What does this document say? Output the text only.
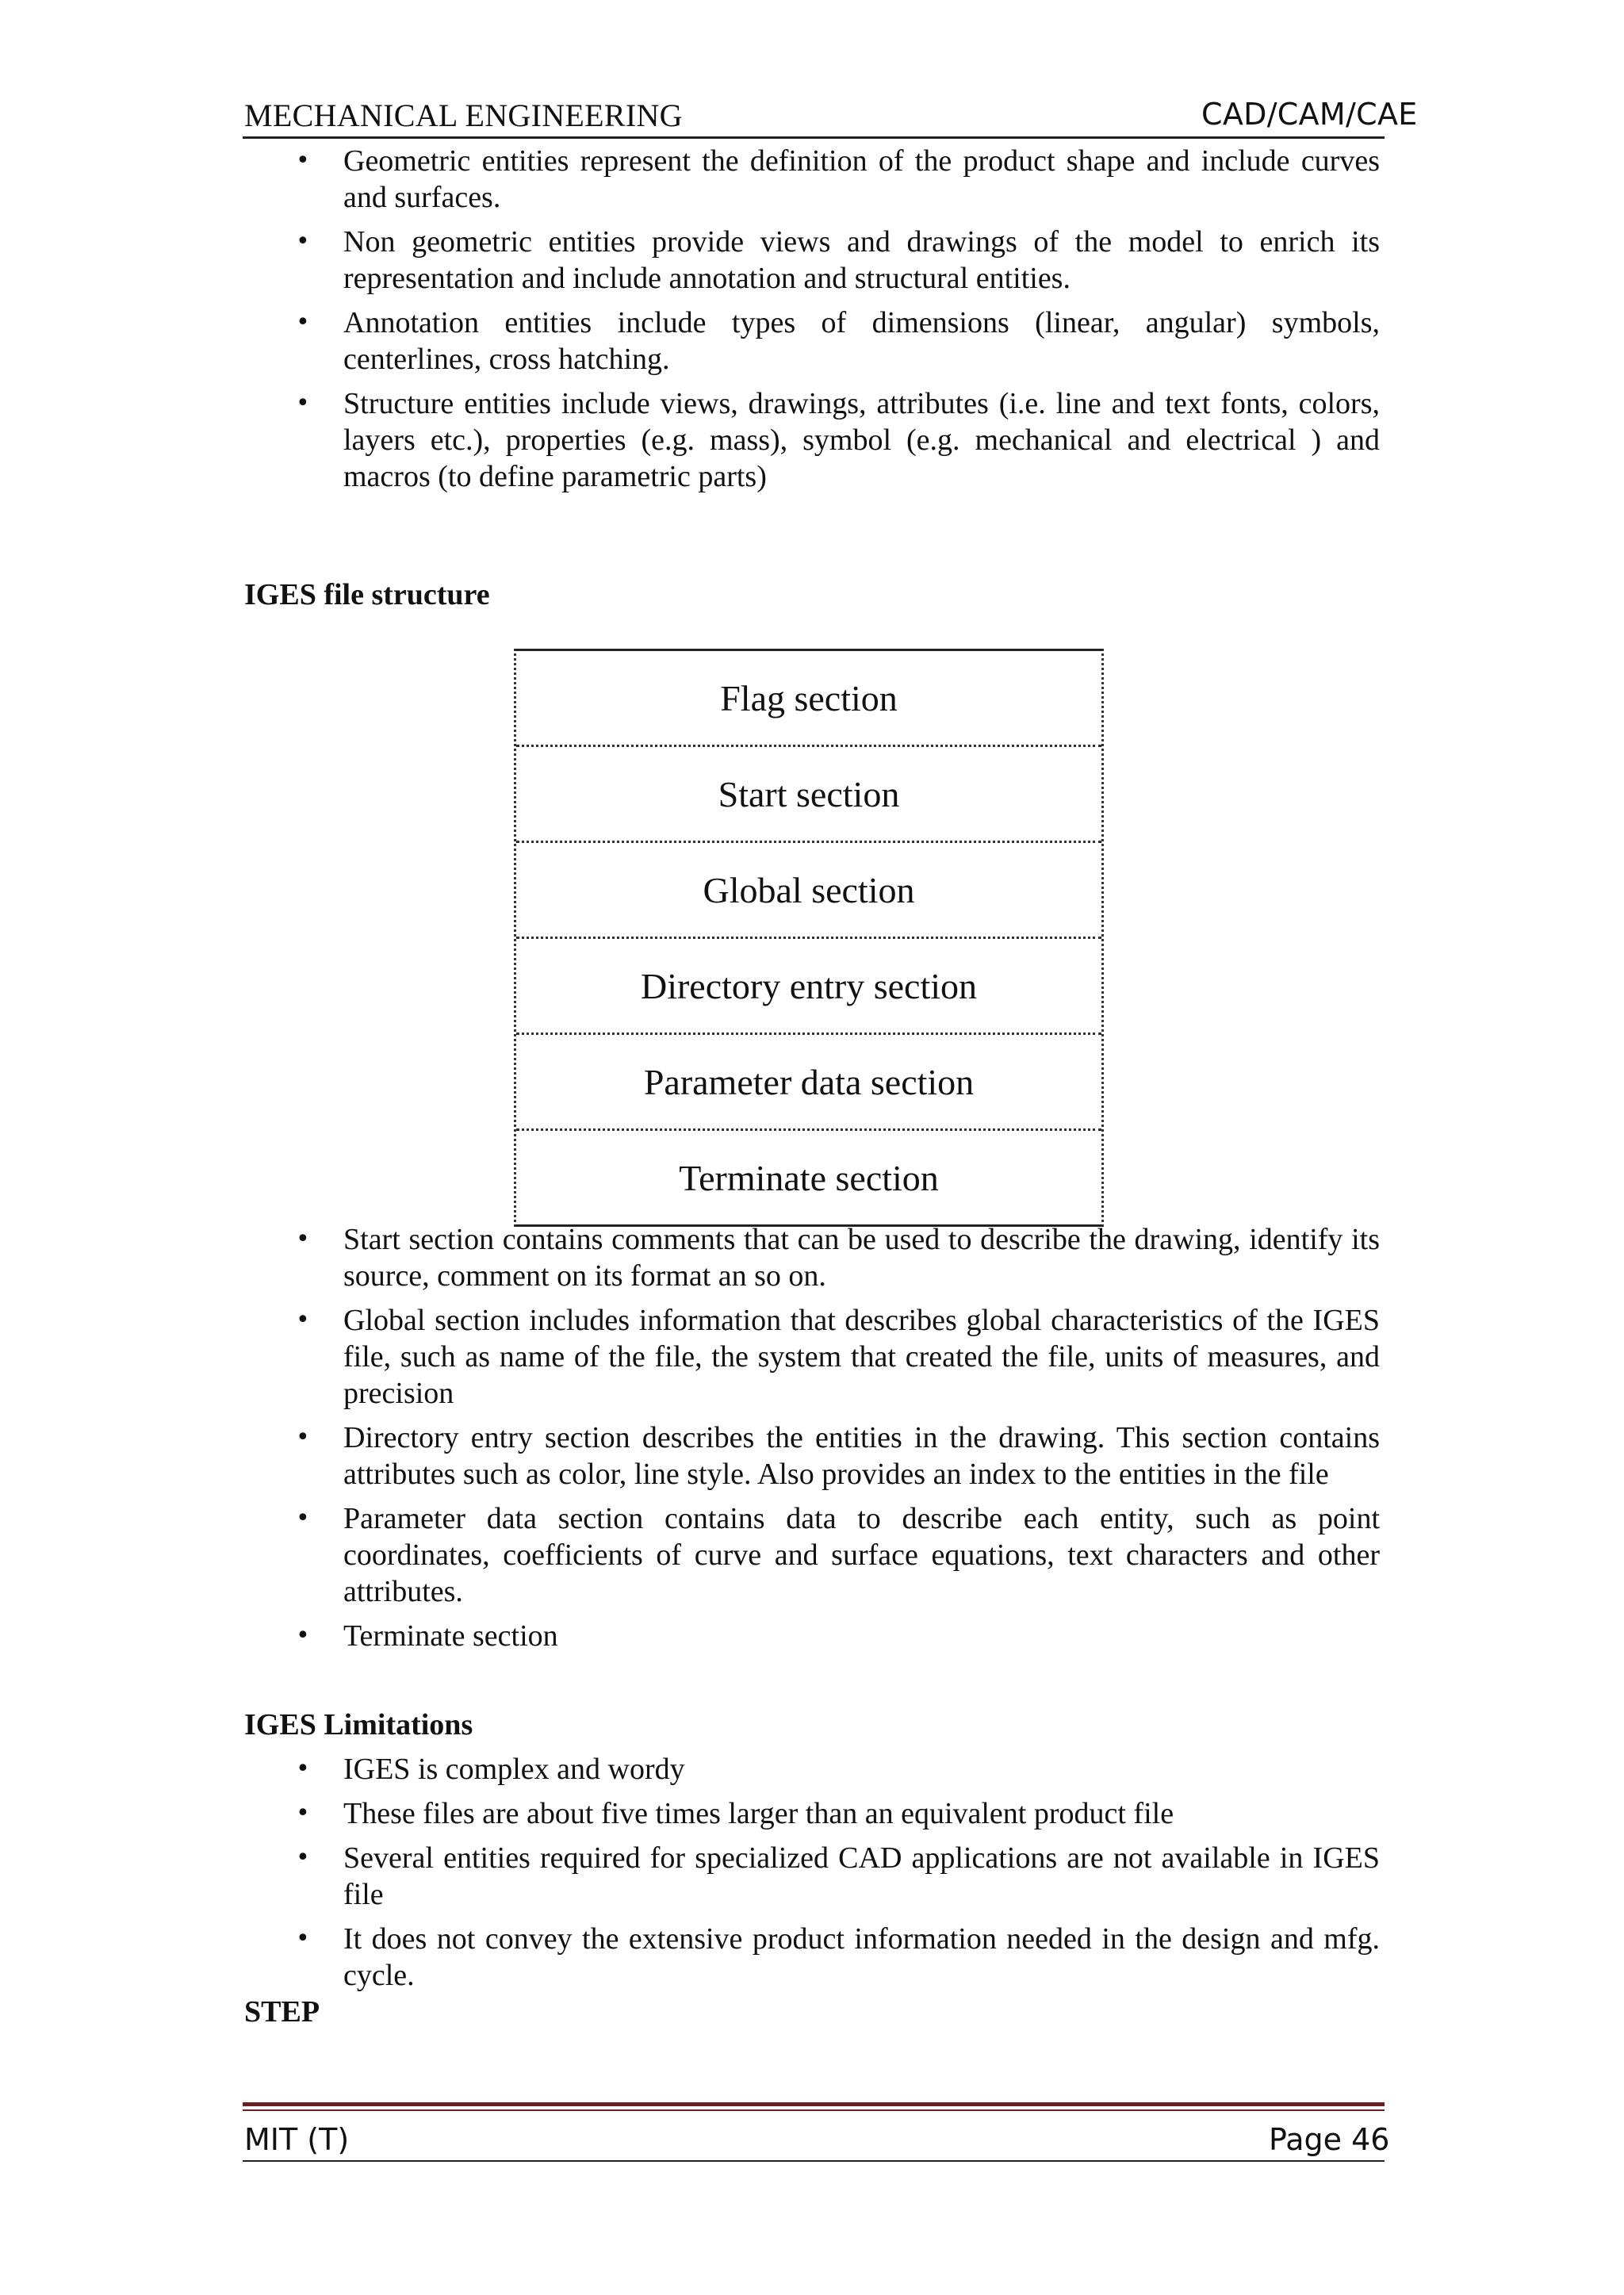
MECHANICAL ENGINEERING	CAD/CAM/CAE
• Geometric entities represent the definition of the product shape and include curves and surfaces.
• Non geometric entities provide views and drawings of the model to enrich its representation and include annotation and structural entities.
• Annotation entities include types of dimensions (linear, angular) symbols, centerlines, cross hatching.
• Structure entities include views, drawings, attributes (i.e. line and text fonts, colors, layers etc.), properties (e.g. mass), symbol (e.g. mechanical and electrical ) and macros (to define parametric parts)
IGES file structure
Flag section
Start section
Global section
Directory entry section
Parameter data section
Terminate section
• Start section contains comments that can be used to describe the drawing, identify its source, comment on its format an so on.
• Global section includes information that describes global characteristics of the IGES file, such as name of the file, the system that created the file, units of measures, and precision
• Directory entry section describes the entities in the drawing. This section contains attributes such as color, line style. Also provides an index to the entities in the file
• Parameter data section contains data to describe each entity, such as point coordinates, coefficients of curve and surface equations, text characters and other attributes.
• Terminate section
IGES Limitations
• IGES is complex and wordy
• These files are about five times larger than an equivalent product file
• Several entities required for specialized CAD applications are not available in IGES file
• It does not convey the extensive product information needed in the design and mfg. cycle.
STEP
MIT (T)	Page 46
